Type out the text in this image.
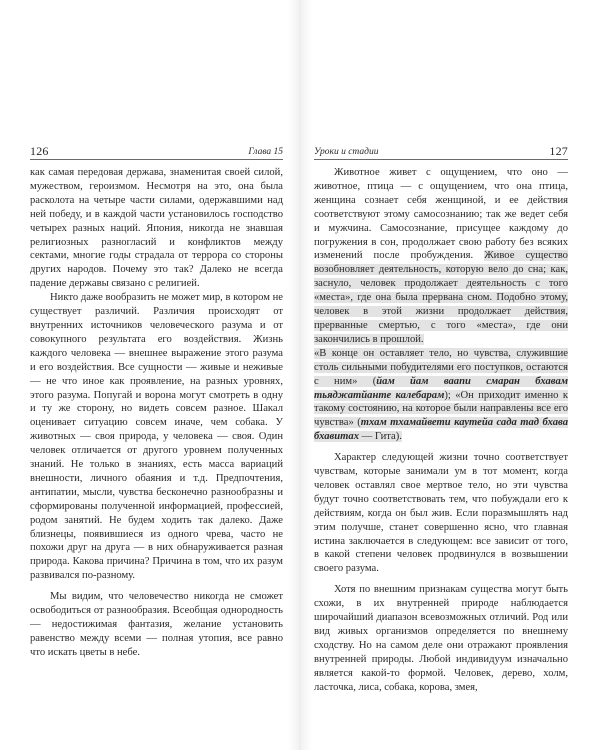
126	Глава 15

как самая передовая держава, знаменитая своей силой, мужеством, героизмом. Несмотря на это, она была расколота на четыре части силами, одержавшими над ней победу, и в каждой части установилось господство четырех разных наций. Япония, никогда не знавшая религиозных разногласий и конфликтов между сектами, многие годы страдала от террора со стороны других народов. Почему это так? Далеко не всегда падение державы связано с религией.

Никто даже вообразить не может мир, в котором не существует различий. Различия происходят от внутренних источников человеческого разума и от совокупного результата его воздействия. Жизнь каждого человека — внешнее выражение этого разума и его воздействия. Все сущности — живые и неживые — не что иное как проявление, на разных уровнях, этого разума. Попугай и ворона могут смотреть в одну и ту же сторону, но видеть совсем разное. Шакал оценивает ситуацию совсем иначе, чем собака. У животных — своя природа, у человека — своя. Один человек отличается от другого уровнем полученных знаний. Не только в знаниях, есть масса вариаций внешности, личного обаяния и т.д. Предпочтения, антипатии, мысли, чувства бесконечно разнообразны и сформированы полученной информацией, профессией, родом занятий. Не будем ходить так далеко. Даже близнецы, появившиеся из одного чрева, часто не похожи друг на друга — в них обнаруживается разная природа. Какова причина? Причина в том, что их разум развивался по-разному.

Мы видим, что человечество никогда не сможет освободиться от разнообразия. Всеобщая однородность — недостижимая фантазия, желание установить равенство между всеми — полная утопия, все равно что искать цветы в небе.

Уроки и стадии	127

Животное живет с ощущением, что оно — животное, птица — с ощущением, что она птица, женщина сознает себя женщиной, и ее действия соответствуют этому самосознанию; так же ведет себя и мужчина. Самосознание, присущее каждому до погружения в сон, продолжает свою работу без всяких изменений после пробуждения. Живое существо возобновляет деятельность, которую вело до сна; как, заснуло, человек продолжает деятельность с того «места», где она была прервана сном. Подобно этому, человек в этой жизни продолжает действия, прерванные смертью, с того «места», где они закончились в прошлой.

«В конце он оставляет тело, но чувства, служившие столь сильными побудителями его поступков, остаются с ним» (йам йам ваапи смаран бхавам тьяджатйанте калебарам); «Он приходит именно к такому состоянию, на которое были направлены все его чувства» (тхам тхамайвети каутейа сада тад бхава бхавитах — Гита).

Характер следующей жизни точно соответствует чувствам, которые занимали ум в тот момент, когда человек оставлял свое мертвое тело, но эти чувства будут точно соответствовать тем, что побуждали его к действиям, когда он был жив. Если поразмышлять над этим получше, станет совершенно ясно, что главная истина заключается в следующем: все зависит от того, в какой степени человек продвинулся в возвышении своего разума.

Хотя по внешним признакам существа могут быть схожи, в их внутренней природе наблюдается широчайший диапазон всевозможных отличий. Род или вид живых организмов определяется по внешнему сходству. Но на самом деле они отражают проявления внутренней природы. Любой индивидуум изначально является какой-то формой. Человек, дерево, холм, ласточка, лиса, собака, корова, змея,
